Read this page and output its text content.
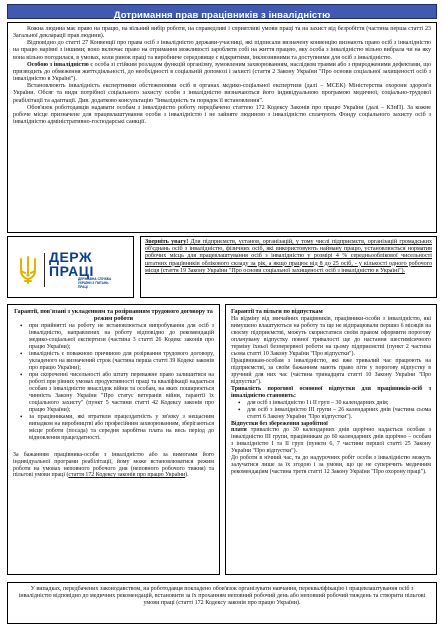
Дотримання прав працівників з інвалідністю

Кожна людина має право на працю, на вільний вибір роботи, на справедливі і сприятливі умови праці та на захист від безробіття (частина перша статті 23 Загальної декларації прав людини).

Відповідно до статті 27 Конвенції про права осіб з інвалідністю держави-учасниці, які підписали визначену конвенцію визнають право осіб з інвалідністю на працю нарівні з іншими; воно включає право на отримання можливості заробляти собі на життя працею, яку особа з інвалідністю вільно вибрала чи на яку вона вільно погодилася, в умовах, коли ринок праці та виробниче середовище є відкритими, інклюзивними та доступними для осіб з інвалідністю.

Особою з інвалідністю є особа зі стійким розладом функцій організму, зумовленим захворюванням, наслідком травми або з природженими дефектами, що призводить до обмеження життєдіяльності, до необхідності в соціальній допомозі і захисті (стаття 2 Закону України "Про основи соціальної захищеності осіб з інвалідністю в Україні").

Встановлюють інвалідність експертними обстеженнями осіб в органах медико-соціальної експертизи (далі – МСЕК) Міністерства охорони здоров'я України. Обсяг та види потрібної соціального захисту особи з інвалідністю визначаються його індивідуальною програмою медичної, соціально-трудової реабілітації та адаптації. Див. додатково консультацію "Інвалідність та порядок її встановлення".

Обов'язок роботодавців надавати особам з інвалідністю роботу передбачено статтею 172 Кодексу Законів про працю України (далі – КЗпП). За кожне робоче місце призначене для працевлаштування особи з інвалідністю і не зайняте людиною з інвалідністю сплачують Фонду соціального захисту осіб з інвалідністю адміністративно-господарські санкції.

ДЕРЖ
ПРАЦІ
ДЕРЖАВНА СЛУЖБА
УКРАЇНИ З ПИТАНЬ
ПРАЦІ
Зверніть увагу! Для підприємств, установ, організацій, у тому числі підприємств, організацій громадських об'єднань осіб з інвалідністю, фізичних осіб, які використовують найману працю, установлюється норматив робочих місць для працевлаштування осіб з інвалідністю у розмірі 4 % середньооблікової чисельності штатних працівників облікового складу за рік, а якщо працює від 8 до 25 осіб, - у кількості одного робочого місця (стаття 19 Закону України "Про основи соціальної захищеності осіб з інвалідністю в Україні").
Гарантії, пов'язані з укладенням та розірванням трудового договору та режим роботи
• при прийнятті на роботу не встановлюється випробування для осіб з інвалідністю, направлених на роботу відповідно до рекомендацій медико-соціальної експертизи (частина 3 статті 26 Кодекс законів про працю України);
• інвалідність є поважною причиною для розірвання трудового договору, укладеного на визначений строк (частина перша статті 39 Кодекс законів про працю України);
• при скороченні чисельності або штату переважне право залишитися на роботі при рівних умовах продуктивності праці та кваліфікації надається особам з інвалідністю внаслідок війни та особам, на яких поширюється чинність Закону України "Про статус ветеранів війни, гарантії їх соціального захисту" (пункт 5 частини статті 42 Кодексу законів про працю України);
• за працівниками, які втратили працездатність у зв'язку з нещасним випадком на виробництві або професійним захворюванням, зберігаються місце роботи (посада) та середня заробітна плата на весь період до відновлення працездатності.

За бажанням працівника-особи з інвалідністю або за вимогами його індивідуальної програми реабілітації, йому може встановлюватися режим роботи на умовах неповного робочого дня (неповного робочого тижня) та пільгові умови праці (стаття 172 Кодексу законів про працю України).

Гарантії та пільги по відпусткам

На відміну від звичайних працівників, працівники-особи з інвалідністю, які вимушено влаштуються на роботу та ще не відпрацювали першиз 6 місяців на своєму підприємстві, можуть скористатися своїм правом оформити порогову оплачувану відпустку повної тривалості ще до настання шестимісячного терміну їхньої безперервної роботи на цьому підприємстві (пункт 2 частина сьома статті 10 Закону України "Про відпустки").

Працівникам-особам з інвалідністю, які вже тривалий час працюють на підприємстві, за своїм бажанням мають право піти у порогову відпустку в зручний для них час (частина тринадцята статті 10 Закону України "Про відпустки").

Тривалість порогової основної відпустки для працівників-осіб з інвалідністю становить:

• для осіб з інвалідністю I і II груп – 30 календарних днів;
• для осіб з інвалідністю III групи – 26 календарних днів (частина сьома статті 6 Закону України "Про відпустки").

Відпустки без збереження заробітної

плати тривалістю до 30 календарних днів щорічно надається особам з інвалідністю III групи, працівникам до 60 календарних днів щорічно – особам з інвалідністю I та II груп (пункти 6, 7 частини першої статті 25 Закону України "Про відпустки").

До роботи в нічний час, та до надурочних робіт особи з інвалідністю можуть залучатися лише за їх згодою і за умови, що це не суперечить медичним рекомендаціям (частина третя статті 12 Закону України "Про охорону праці").

У випадках, передбачених законодавством, на роботодавця покладено обов'язок організувати навчання, перекваліфікацію і працевлаштування осіб з інвалідністю відповідно до медичних рекомендацій, встановити за їх проханням неповний робочий день або неповний робочий тиждень та створити пільгові умови праці (статті 172 Кодексу законів про працю України).
